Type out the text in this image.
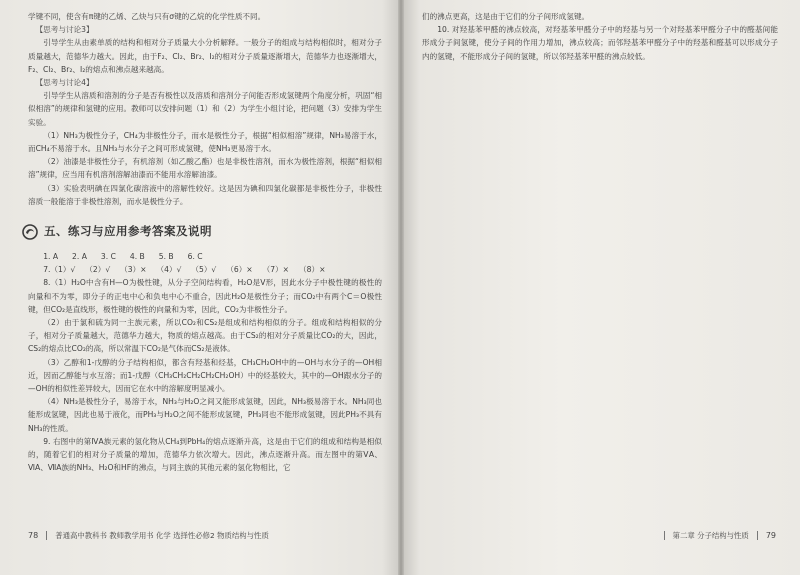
学键不同，使含有π键的乙烯、乙炔与只有σ键的乙烷的化学性质不同。

【思考与讨论3】

引导学生从由素单质的结构和相对分子质量大小分析解释。一般分子的组成与结构相似时，相对分子质量越大，范德华力越大。因此，由于F₂、Cl₂、Br₂、I₂的相对分子质量逐渐增大，范德华力也逐渐增大，F₂、Cl₂、Br₂、I₂的熔点和沸点越来越高。

【思考与讨论4】

引导学生从溶质和溶剂的分子是否有极性以及溶质和溶剂分子间能否形成氢键两个角度分析，巩固“相似相溶”的规律和氢键的应用。教师可以安排问题（1）和（2）为学生小组讨论，把问题（3）安排为学生实验。

（1）NH₃为极性分子，CH₄为非极性分子，而水是极性分子，根据“相似相溶”规律，NH₃易溶于水，而CH₄不易溶于水。且NH₃与水分子之间可形成氢键，使NH₃更易溶于水。

（2）油漆是非极性分子，有机溶剂（如乙酸乙酯）也是非极性溶剂，而水为极性溶剂，根据“相似相溶”规律，应当用有机溶剂溶解油漆而不能用水溶解油漆。

（3）实验表明碘在四氯化碳溶液中的溶解性较好。这是因为碘和四氯化碳都是非极性分子，非极性溶质一般能溶于非极性溶剂，而水是极性分子。

五、练习与应用参考答案及说明
1. A 2. A 3. C 4. B 5. B 6. C
7.（1）√ （2）√ （3）× （4）√ （5）√ （6）× （7）× （8）×

8.（1）H₂O中含有H—O为极性键，从分子空间结构看，H₂O是V形，因此水分子中极性键的极性的向量和不为零，即分子的正电中心和负电中心不重合，因此H₂O是极性分子；而CO₂中有两个C＝O极性键，但CO₂是直线形，极性键的极性的向量和为零，因此，CO₂为非极性分子。

（2）由于氯和硫为同一主族元素，所以CO₂和CS₂是组成和结构相似的分子。组成和结构相似的分子，相对分子质量越大，范德华力越大，物质的熔点越高。由于CS₂的相对分子质量比CO₂的大，因此，CS₂的熔点比CO₂的高，所以常温下CO₂是气体而CS₂是液体。

（3）乙醇和1-戊醇的分子结构相似，都含有羟基和烃基，CH₃CH₂OH中的—OH与水分子的—OH相近，因而乙醇能与水互溶；而1-戊醇（CH₃CH₂CH₂CH₂CH₂OH）中的烃基较大，其中的—OH跟水分子的—OH的相似性差异较大，因而它在水中的溶解度明显减小。

（4）NH₃是极性分子，易溶于水，NH₃与H₂O之间又能形成氢键，因此，NH₃极易溶于水。NH₃同也能形成氢键，因此也易于液化，而PH₃与H₂O之间不能形成氢键，PH₃同也不能形成氢键，因此PH₃不具有NH₃的性质。

9. 右图中的第ⅣA族元素的氢化物从CH₄到PbH₄的熔点逐渐升高，这是由于它们的组成和结构是相似的，随着它们的相对分子质量的增加，范德华力依次增大。因此，沸点逐渐升高。而左图中的第ⅤA、ⅥA、ⅦA族的NH₃、H₂O和HF的沸点，与同主族的其他元素的氢化物相比，它

78 普通高中教科书 教师教学用书 化学 选择性必修2 物质结构与性质

们的沸点更高，这是由于它们的分子间形成氢键。

10. 对羟基苯甲醛的沸点较高，对羟基苯甲醛分子中的羟基与另一个对羟基苯甲醛分子中的醛基间能形成分子间氢键，使分子间的作用力增加，沸点较高；而邻羟基苯甲醛分子中的羟基和醛基可以形成分子内的氢键，不能形成分子间的氢键，所以邻羟基苯甲醛的沸点较低。

第二章 分子结构与性质 79
